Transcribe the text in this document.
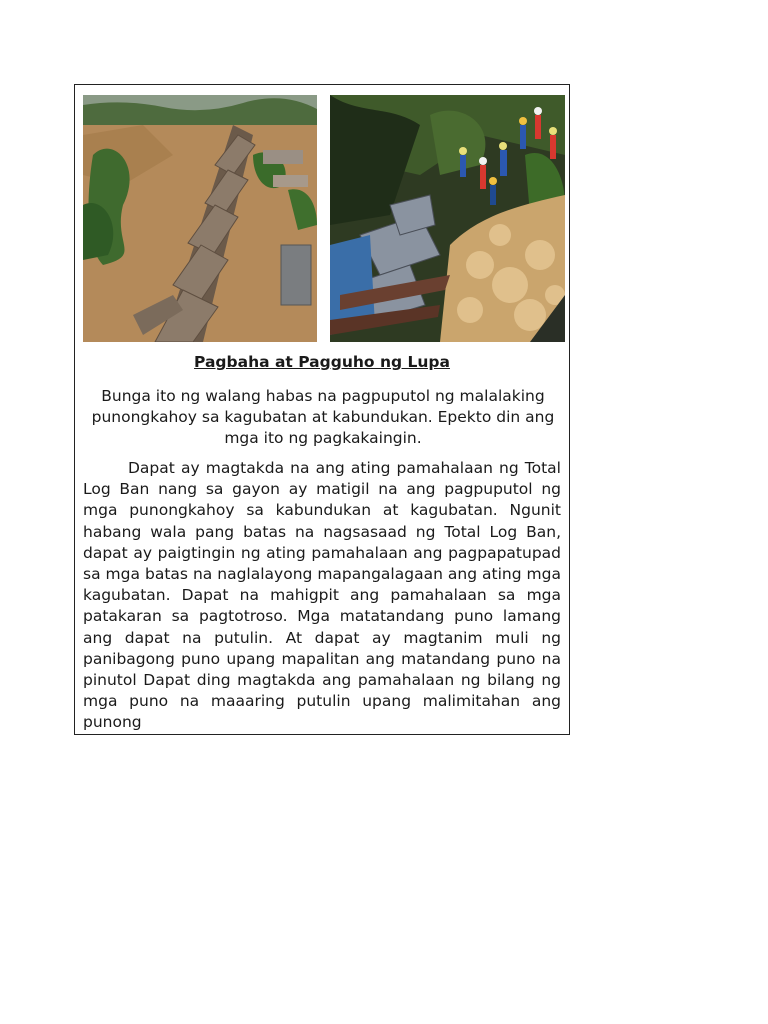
Pagbaha at Pagguho ng Lupa
Bunga ito ng walang habas na pagpuputol ng malalaking punongkahoy sa kagubatan at kabundukan. Epekto din ang mga ito ng pagkakaingin.

Dapat ay magtakda na ang ating pamahalaan ng Total Log Ban nang sa gayon ay matigil na ang pagpuputol ng mga punongkahoy sa kabundukan at kagubatan. Ngunit habang wala pang batas na nagsasaad ng Total Log Ban, dapat ay paigtingin ng ating pamahalaan ang pagpapatupad sa mga batas na naglalayong mapangalagaan ang ating mga kagubatan. Dapat na mahigpit ang pamahalaan sa mga patakaran sa pagtotroso. Mga matatandang puno lamang ang dapat na putulin. At dapat ay magtanim muli ng panibagong puno upang mapalitan ang matandang puno na pinutol Dapat ding magtakda ang pamahalaan ng bilang ng mga puno na maaaring putulin upang malimitahan ang punong
